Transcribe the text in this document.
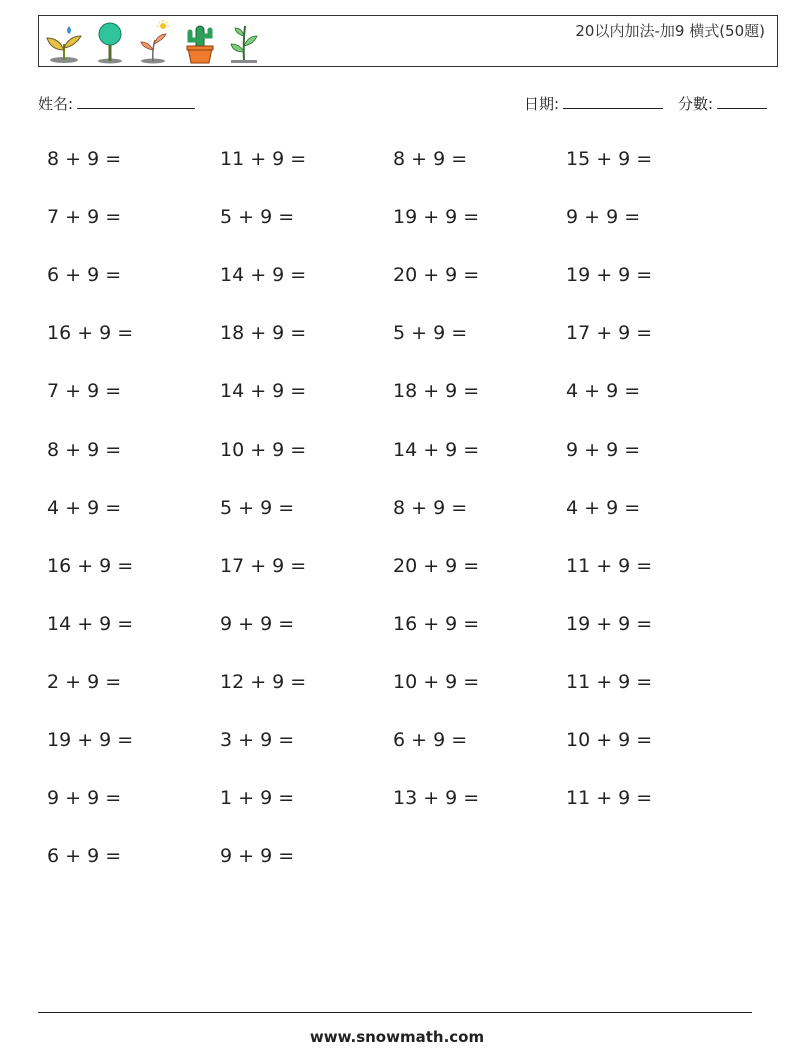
20以内加法-加9 横式(50題)
姓名:	日期:	分數:
8 + 9 =	11 + 9 =	8 + 9 =	15 + 9 =
7 + 9 =	5 + 9 =	19 + 9 =	9 + 9 =
6 + 9 =	14 + 9 =	20 + 9 =	19 + 9 =
16 + 9 =	18 + 9 =	5 + 9 =	17 + 9 =
7 + 9 =	14 + 9 =	18 + 9 =	4 + 9 =
8 + 9 =	10 + 9 =	14 + 9 =	9 + 9 =
4 + 9 =	5 + 9 =	8 + 9 =	4 + 9 =
16 + 9 =	17 + 9 =	20 + 9 =	11 + 9 =
14 + 9 =	9 + 9 =	16 + 9 =	19 + 9 =
2 + 9 =	12 + 9 =	10 + 9 =	11 + 9 =
19 + 9 =	3 + 9 =	6 + 9 =	10 + 9 =
9 + 9 =	1 + 9 =	13 + 9 =	11 + 9 =
6 + 9 =	9 + 9 =
www.snowmath.com
